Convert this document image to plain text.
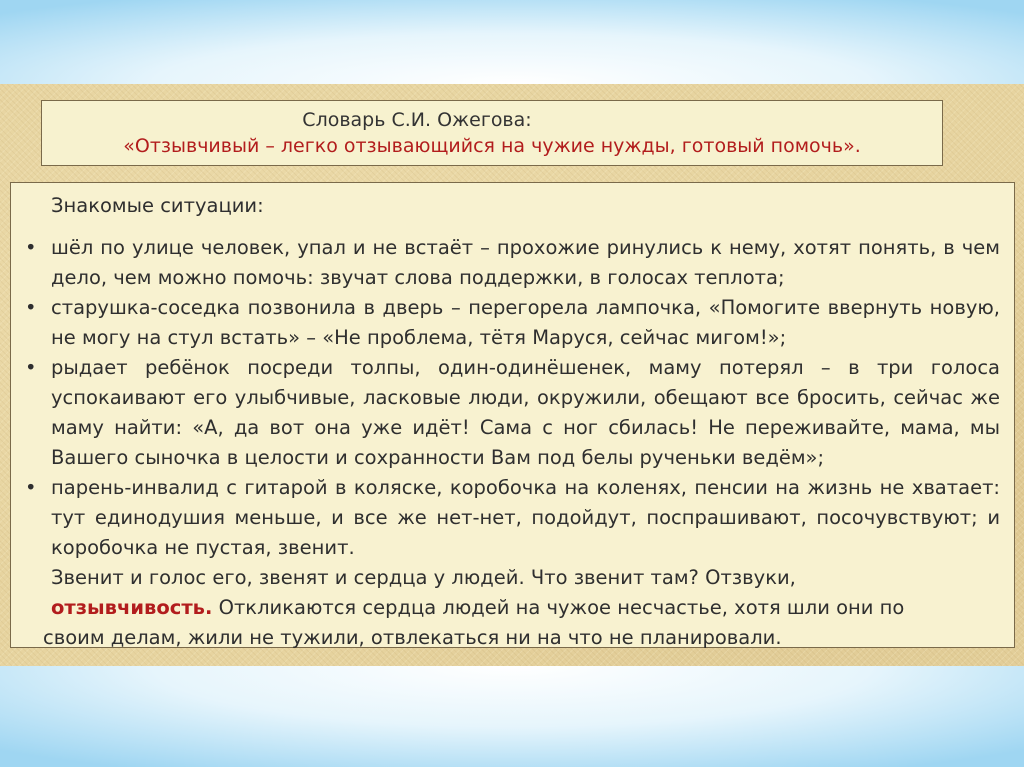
Словарь С.И. Ожегова:
«Отзывчивый – легко отзывающийся на чужие нужды, готовый помочь».
Знакомые ситуации:
• шёл по улице человек, упал и не встаёт – прохожие ринулись к нему, хотят понять, в чем дело, чем можно помочь: звучат слова поддержки, в голосах теплота;
• старушка-соседка позвонила в дверь – перегорела лампочка, «Помогите ввернуть новую, не могу на стул встать» – «Не проблема, тётя Маруся, сейчас мигом!»;
• рыдает ребёнок посреди толпы, один-одинёшенек, маму потерял – в три голоса успокаивают его улыбчивые, ласковые люди, окружили, обещают все бросить, сейчас же маму найти: «А, да вот она уже идёт! Сама с ног сбилась! Не переживайте, мама, мы Вашего сыночка в целости и сохранности Вам под белы рученьки ведём»;
• парень-инвалид с гитарой в коляске, коробочка на коленях, пенсии на жизнь не хватает: тут единодушия меньше, и все же нет-нет, подойдут, поспрашивают, посочувствуют; и коробочка не пустая, звенит.
Звенит и голос его, звенят и сердца у людей. Что звенит там? Отзвуки,
отзывчивость. Откликаются сердца людей на чужое несчастье, хотя шли они по
своим делам, жили не тужили, отвлекаться ни на что не планировали.
